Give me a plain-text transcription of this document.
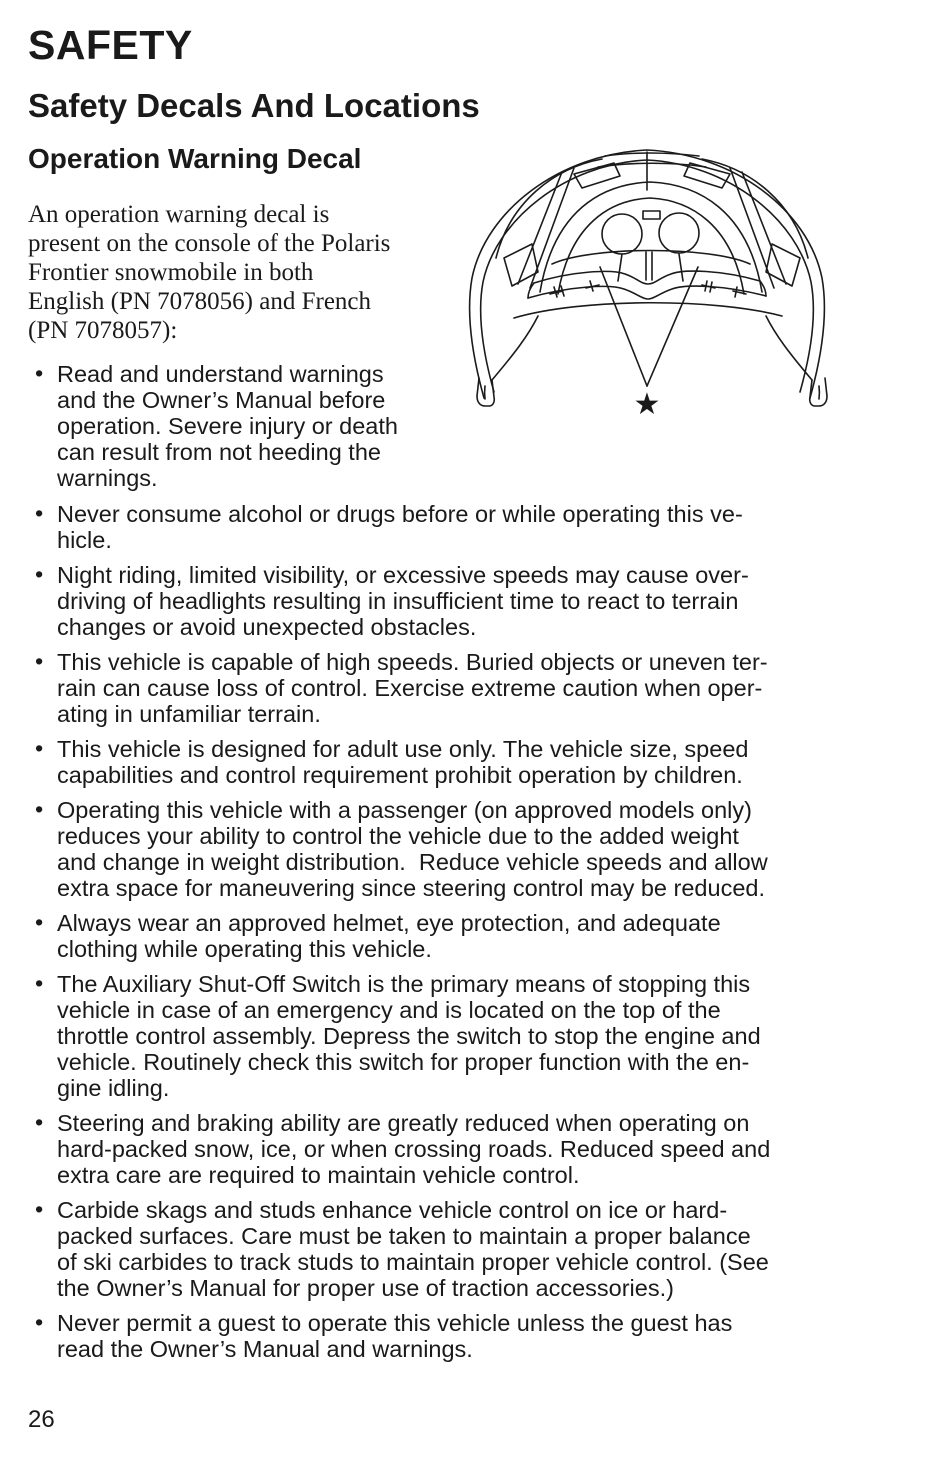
SAFETY
Safety Decals And Locations
Operation Warning Decal
An operation warning decal is
present on the console of the Polaris
Frontier snowmobile in both
English (PN 7078056) and French
(PN 7078057):
• Read and understand warnings
and the Owner’s Manual before
operation. Severe injury or death
can result from not heeding the
warnings.
• Never consume alcohol or drugs before or while operating this ve-
hicle.
• Night riding, limited visibility, or excessive speeds may cause over-
driving of headlights resulting in insufficient time to react to terrain
changes or avoid unexpected obstacles.
• This vehicle is capable of high speeds. Buried objects or uneven ter-
rain can cause loss of control. Exercise extreme caution when oper-
ating in unfamiliar terrain.
• This vehicle is designed for adult use only. The vehicle size, speed
capabilities and control requirement prohibit operation by children.
• Operating this vehicle with a passenger (on approved models only)
reduces your ability to control the vehicle due to the added weight
and change in weight distribution.  Reduce vehicle speeds and allow
extra space for maneuvering since steering control may be reduced.
• Always wear an approved helmet, eye protection, and adequate
clothing while operating this vehicle.
• The Auxiliary Shut-Off Switch is the primary means of stopping this
vehicle in case of an emergency and is located on the top of the
throttle control assembly. Depress the switch to stop the engine and
vehicle. Routinely check this switch for proper function with the en-
gine idling.
• Steering and braking ability are greatly reduced when operating on
hard-packed snow, ice, or when crossing roads. Reduced speed and
extra care are required to maintain vehicle control.
• Carbide skags and studs enhance vehicle control on ice or hard-
packed surfaces. Care must be taken to maintain a proper balance
of ski carbides to track studs to maintain proper vehicle control. (See
the Owner’s Manual for proper use of traction accessories.)
• Never permit a guest to operate this vehicle unless the guest has
read the Owner’s Manual and warnings.
★
26
